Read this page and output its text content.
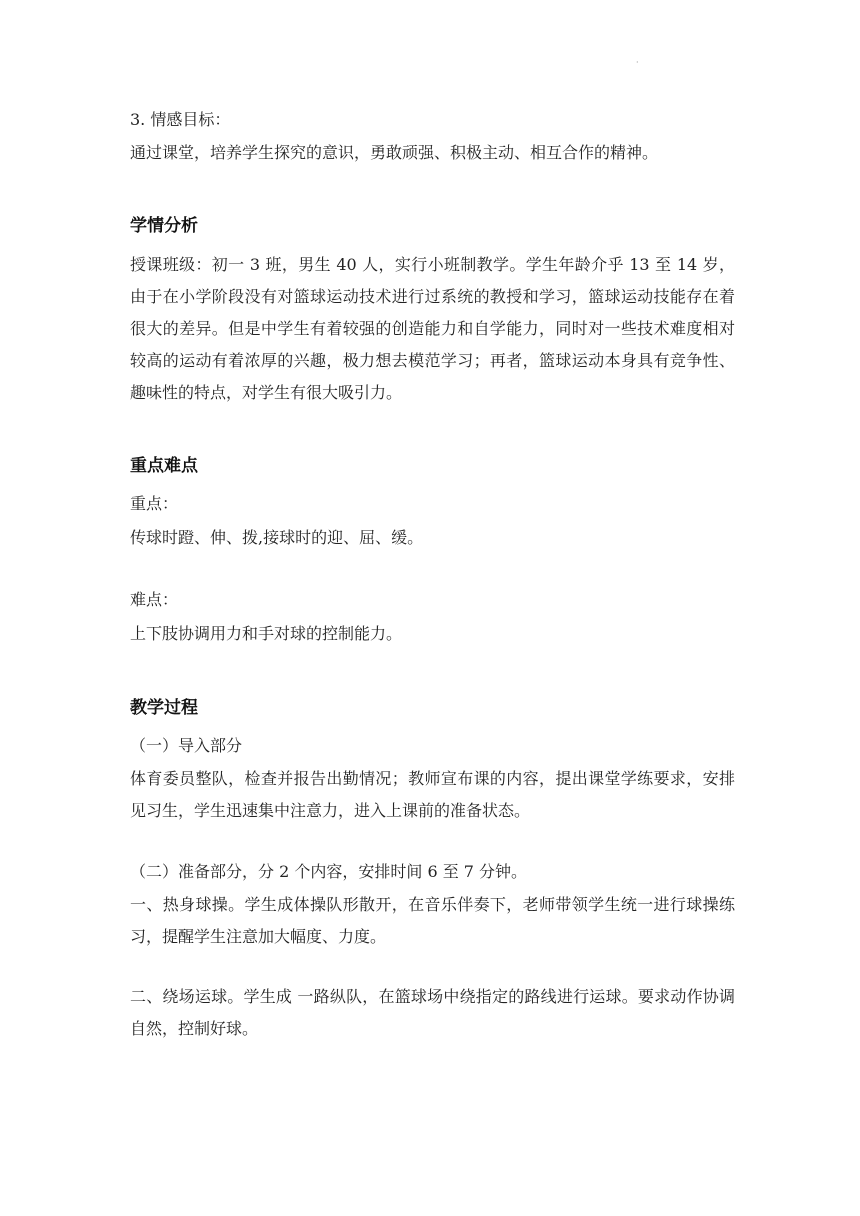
·

3. 情感目标：

通过课堂，培养学生探究的意识，勇敢顽强、积极主动、相互合作的精神。

学情分析

授课班级：初一 3 班，男生 40 人，实行小班制教学。学生年龄介乎 13 至 14 岁，由于在小学阶段没有对篮球运动技术进行过系统的教授和学习，篮球运动技能存在着很大的差异。但是中学生有着较强的创造能力和自学能力，同时对一些技术难度相对较高的运动有着浓厚的兴趣，极力想去模范学习；再者，篮球运动本身具有竞争性、趣味性的特点，对学生有很大吸引力。

重点难点

重点：

传球时蹬、伸、拨,接球时的迎、屈、缓。

难点：

上下肢协调用力和手对球的控制能力。

教学过程

（一）导入部分

体育委员整队，检查并报告出勤情况；教师宣布课的内容，提出课堂学练要求，安排见习生，学生迅速集中注意力，进入上课前的准备状态。

（二）准备部分，分 2 个内容，安排时间 6 至 7 分钟。

一、热身球操。学生成体操队形散开，在音乐伴奏下，老师带领学生统一进行球操练习，提醒学生注意加大幅度、力度。

二、绕场运球。学生成 一路纵队，在篮球场中绕指定的路线进行运球。要求动作协调自然，控制好球。
